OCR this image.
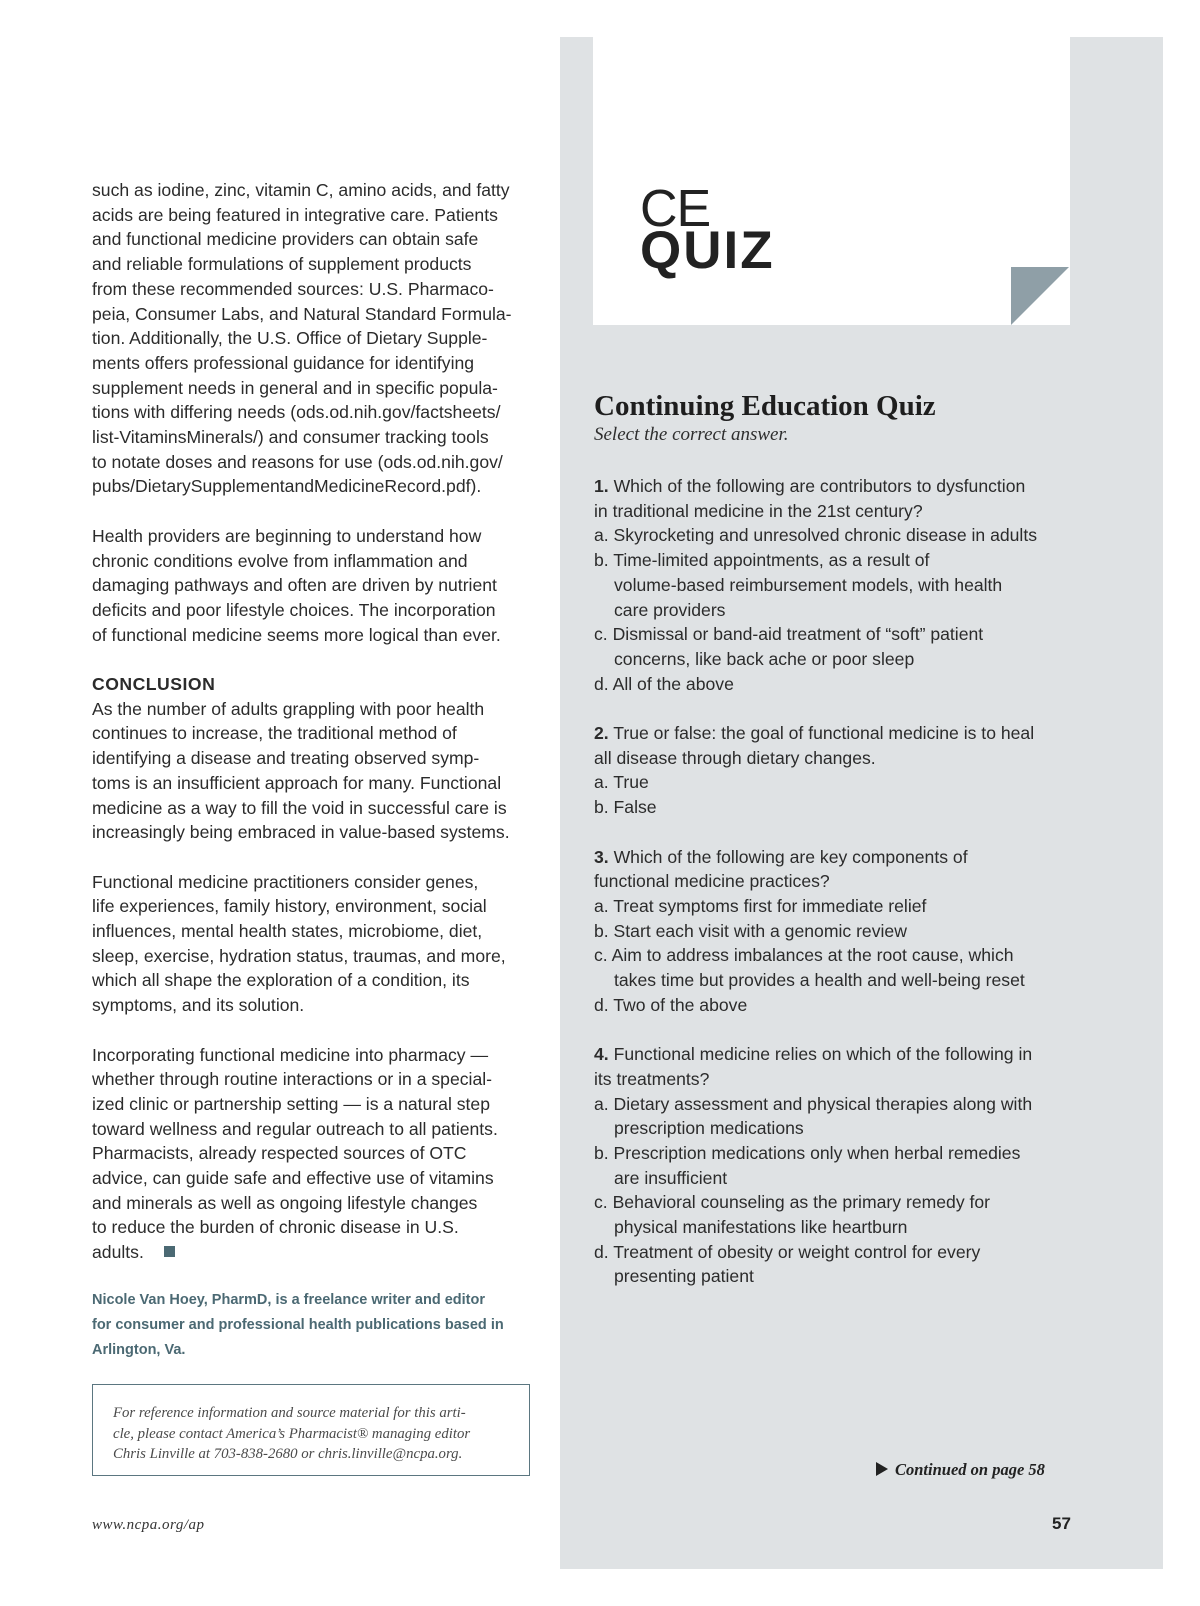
such as iodine, zinc, vitamin C, amino acids, and fatty
acids are being featured in integrative care. Patients
and functional medicine providers can obtain safe
and reliable formulations of supplement products
from these recommended sources: U.S. Pharmaco-
peia, Consumer Labs, and Natural Standard Formula-
tion. Additionally, the U.S. Office of Dietary Supple-
ments offers professional guidance for identifying
supplement needs in general and in specific popula-
tions with differing needs (ods.od.nih.gov/factsheets/
list-VitaminsMinerals/) and consumer tracking tools
to notate doses and reasons for use (ods.od.nih.gov/
pubs/DietarySupplementandMedicineRecord.pdf).
Health providers are beginning to understand how
chronic conditions evolve from inflammation and
damaging pathways and often are driven by nutrient
deficits and poor lifestyle choices. The incorporation
of functional medicine seems more logical than ever.
CONCLUSION
As the number of adults grappling with poor health
continues to increase, the traditional method of
identifying a disease and treating observed symp-
toms is an insufficient approach for many. Functional
medicine as a way to fill the void in successful care is
increasingly being embraced in value-based systems.
Functional medicine practitioners consider genes,
life experiences, family history, environment, social
influences, mental health states, microbiome, diet,
sleep, exercise, hydration status, traumas, and more,
which all shape the exploration of a condition, its
symptoms, and its solution.
Incorporating functional medicine into pharmacy —
whether through routine interactions or in a special-
ized clinic or partnership setting — is a natural step
toward wellness and regular outreach to all patients.
Pharmacists, already respected sources of OTC
advice, can guide safe and effective use of vitamins
and minerals as well as ongoing lifestyle changes
to reduce the burden of chronic disease in U.S.
adults.
Nicole Van Hoey, PharmD, is a freelance writer and editor
for consumer and professional health publications based in
Arlington, Va.
For reference information and source material for this arti-
cle, please contact America’s Pharmacist® managing editor
Chris Linville at 703-838-2680 or chris.linville@ncpa.org.
www.ncpa.org/ap
CE
QUIZ
Continuing Education Quiz
Select the correct answer.
1. Which of the following are contributors to dysfunction
in traditional medicine in the 21st century?
a. Skyrocketing and unresolved chronic disease in adults
b. Time-limited appointments, as a result of
volume-based reimbursement models, with health
care providers
c. Dismissal or band-aid treatment of “soft” patient
concerns, like back ache or poor sleep
d. All of the above
2. True or false: the goal of functional medicine is to heal
all disease through dietary changes.
a. True
b. False
3. Which of the following are key components of
functional medicine practices?
a. Treat symptoms first for immediate relief
b. Start each visit with a genomic review
c. Aim to address imbalances at the root cause, which
takes time but provides a health and well-being reset
d. Two of the above
4. Functional medicine relies on which of the following in
its treatments?
a. Dietary assessment and physical therapies along with
prescription medications
b. Prescription medications only when herbal remedies
are insufficient
c. Behavioral counseling as the primary remedy for
physical manifestations like heartburn
d. Treatment of obesity or weight control for every
presenting patient
Continued on page 58
57
